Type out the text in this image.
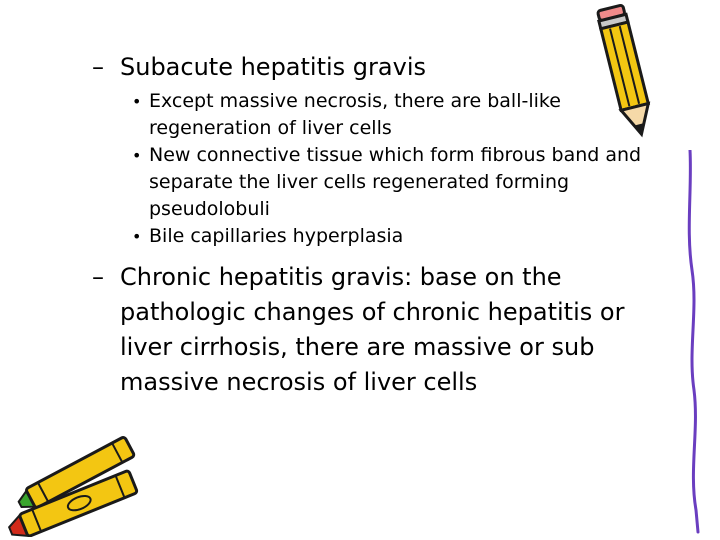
– Subacute hepatitis gravis
• Except massive necrosis, there are ball-like regeneration of liver cells
• New connective tissue which form fibrous band and separate the liver cells regenerated forming pseudolobuli
• Bile capillaries hyperplasia
– Chronic hepatitis gravis: base on the pathologic changes of chronic hepatitis or liver cirrhosis, there are massive or sub massive necrosis of liver cells
